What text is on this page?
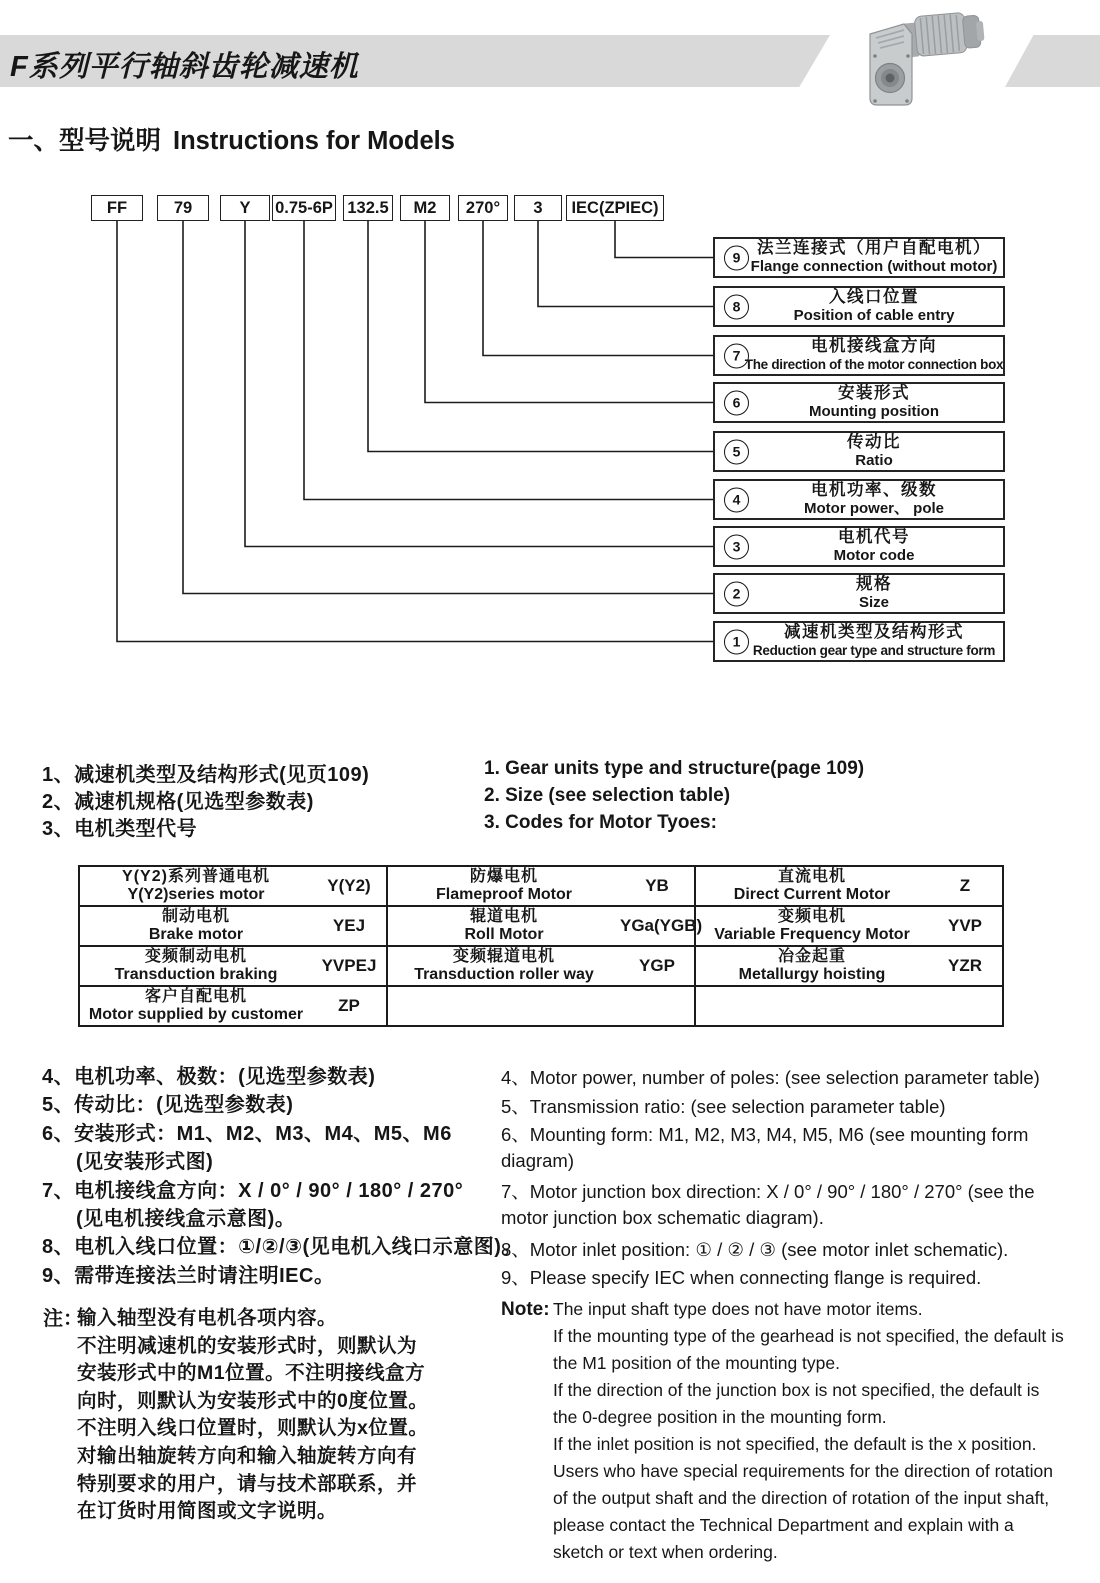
F系列平行轴斜齿轮减速机
一、型号说明 Instructions for Models
FF	79	Y	0.75-6P 132.5	M2	270°	3	IEC(ZPIEC)
9
法兰连接式（用户自配电机）
Flange connection (without motor)
8
入线口位置
Position of cable entry
7
电机接线盒方向
The direction of the motor connection box
6
安装形式
Mounting position
5
传动比
Ratio
4
电机功率、级数
Motor power、 pole
3
电机代号
Motor code
2
规格
Size
1
减速机类型及结构形式
Reduction gear type and structure form
1、减速机类型及结构形式(见页109)
2、减速机规格(见选型参数表)
3、电机类型代号
1. Gear units type and structure(page 109)
2. Size (see selection table)
3. Codes for Motor Tyoes:
Y(Y2)系列普通电机
Y(Y2)series motor	Y(Y2)	防爆电机
Flameproof Motor	YB	直流电机
Direct Current Motor	Z

制动电机
Brake motor	YEJ	辊道电机
Roll Motor	YGa(YGB)	变频电机
Variable Frequency Motor	YVP

变频制动电机
Transduction braking	YVPEJ	变频辊道电机
Transduction roller way	YGP	冶金起重
Metallurgy hoisting	YZR

客户自配电机
Motor supplied by customer ZP		

4、电机功率、极数：(见选型参数表)
5、传动比：(见选型参数表)
6、安装形式：M1、M2、M3、M4、M5、M6
(见安装形式图)
7、电机接线盒方向：X / 0° / 90° / 180° / 270°
(见电机接线盒示意图)。
8、电机入线口位置：①/②/③(见电机入线口示意图)。
9、需带连接法兰时请注明IEC。
4、Motor power, number of poles: (see selection parameter table)
5、Transmission ratio: (see selection parameter table)
6、Mounting form: M1, M2, M3, M4, M5, M6 (see mounting form
diagram)
7、Motor junction box direction: X / 0° / 90° / 180° / 270° (see the
motor junction box schematic diagram).
8、Motor inlet position: ① / ② / ③ (see motor inlet schematic).
9、Please specify IEC when connecting flange is required.
注：
输入轴型没有电机各项内容。
不注明减速机的安装形式时，则默认为
安装形式中的M1位置。不注明接线盒方
向时，则默认为安装形式中的0度位置。
不注明入线口位置时，则默认为x位置。
对输出轴旋转方向和输入轴旋转方向有
特别要求的用户，请与技术部联系，并
在订货时用简图或文字说明。
Note: The input shaft type does not have motor items.
If the mounting type of the gearhead is not specified, the default is
the M1 position of the mounting type.
If the direction of the junction box is not specified, the default is
the 0-degree position in the mounting form.
If the inlet position is not specified, the default is the x position.
Users who have special requirements for the direction of rotation
of the output shaft and the direction of rotation of the input shaft,
please contact the Technical Department and explain with a
sketch or text when ordering.
